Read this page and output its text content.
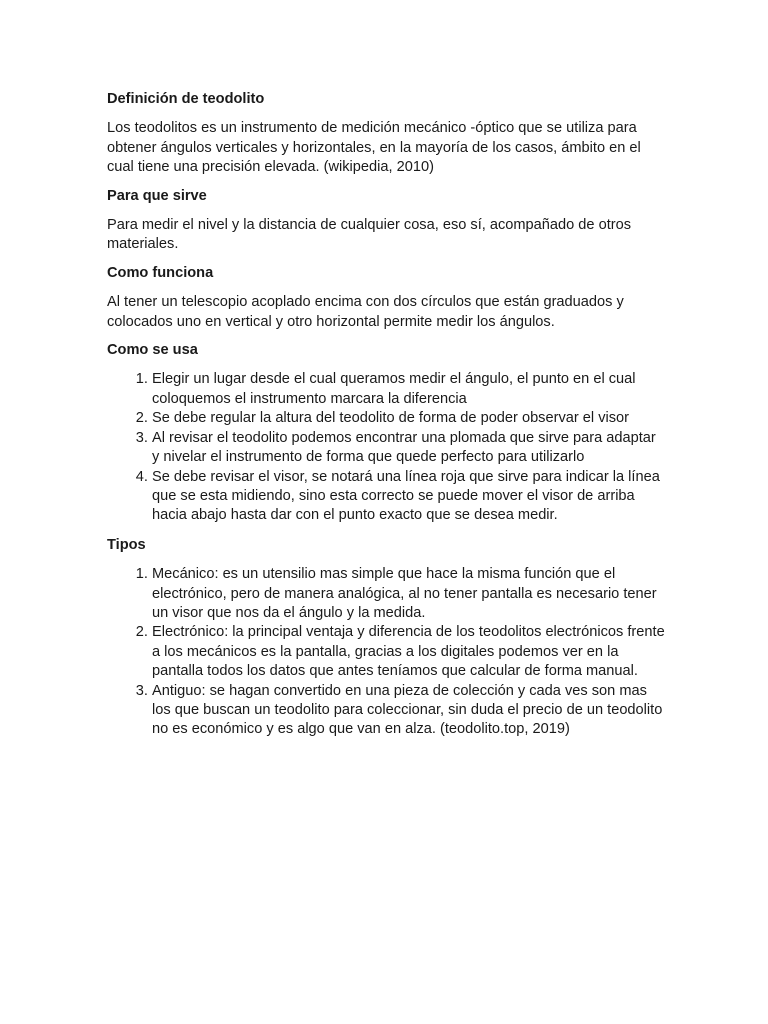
Definición de teodolito

Los teodolitos es un instrumento de medición mecánico -óptico que se utiliza para obtener ángulos verticales y horizontales, en la mayoría de los casos, ámbito en el cual tiene una precisión elevada. (wikipedia, 2010)

Para que sirve

Para medir el nivel y la distancia de cualquier cosa, eso sí, acompañado de otros materiales.

Como funciona

Al tener un telescopio acoplado encima con dos círculos que están graduados y colocados uno en vertical y otro horizontal permite medir los ángulos.

Como se usa
1. Elegir un lugar desde el cual queramos medir el ángulo, el punto en el cual coloquemos el instrumento marcara la diferencia
2. Se debe regular la altura del teodolito de forma de poder observar el visor
3. Al revisar el teodolito podemos encontrar una plomada que sirve para adaptar y nivelar el instrumento de forma que quede perfecto para utilizarlo
4. Se debe revisar el visor, se notará una línea roja que sirve para indicar la línea que se esta midiendo, sino esta correcto se puede mover el visor de arriba hacia abajo hasta dar con el punto exacto que se desea medir.
Tipos
1. Mecánico: es un utensilio mas simple que hace la misma función que el electrónico, pero de manera analógica, al no tener pantalla es necesario tener un visor que nos da el ángulo y la medida.
2. Electrónico: la principal ventaja y diferencia de los teodolitos electrónicos frente a los mecánicos es la pantalla, gracias a los digitales podemos ver en la pantalla todos los datos que antes teníamos que calcular de forma manual.
3. Antiguo: se hagan convertido en una pieza de colección y cada ves son mas los que buscan un teodolito para coleccionar, sin duda el precio de un teodolito no es económico y es algo que van en alza. (teodolito.top, 2019)
